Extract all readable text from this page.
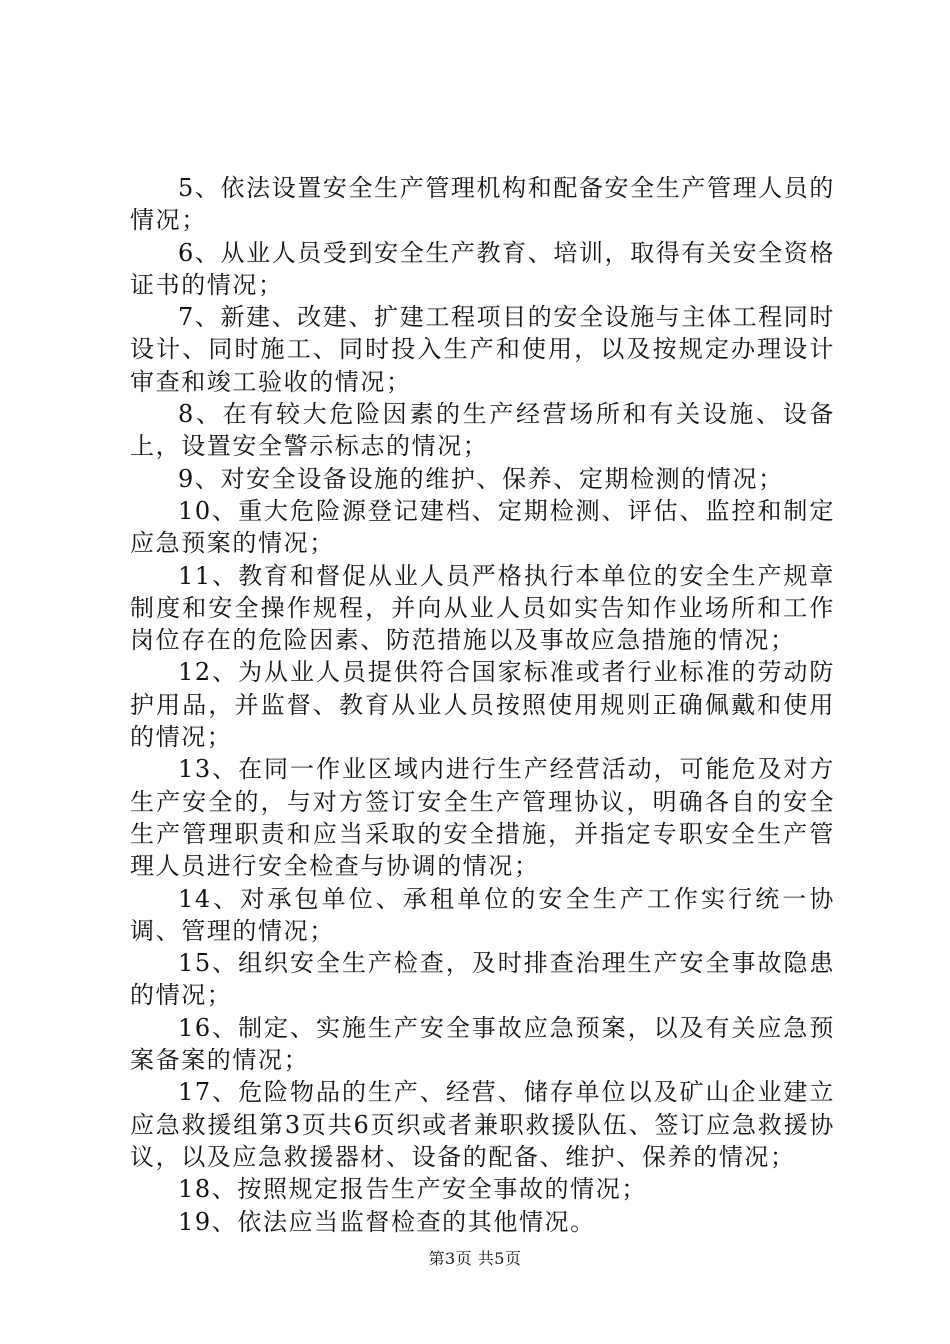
5、依法设置安全生产管理机构和配备安全生产管理人员的情况；

6、从业人员受到安全生产教育、培训，取得有关安全资格证书的情况；

7、新建、改建、扩建工程项目的安全设施与主体工程同时设计、同时施工、同时投入生产和使用，以及按规定办理设计审查和竣工验收的情况；

8、在有较大危险因素的生产经营场所和有关设施、设备上，设置安全警示标志的情况；

9、对安全设备设施的维护、保养、定期检测的情况；

10、重大危险源登记建档、定期检测、评估、监控和制定应急预案的情况；

11、教育和督促从业人员严格执行本单位的安全生产规章制度和安全操作规程，并向从业人员如实告知作业场所和工作岗位存在的危险因素、防范措施以及事故应急措施的情况；

12、为从业人员提供符合国家标准或者行业标准的劳动防护用品，并监督、教育从业人员按照使用规则正确佩戴和使用的情况；

13、在同一作业区域内进行生产经营活动，可能危及对方生产安全的，与对方签订安全生产管理协议，明确各自的安全生产管理职责和应当采取的安全措施，并指定专职安全生产管理人员进行安全检查与协调的情况；

14、对承包单位、承租单位的安全生产工作实行统一协调、管理的情况；

15、组织安全生产检查，及时排查治理生产安全事故隐患的情况；

16、制定、实施生产安全事故应急预案，以及有关应急预案备案的情况；

17、危险物品的生产、经营、储存单位以及矿山企业建立应急救援组第3页共6页织或者兼职救援队伍、签订应急救援协议，以及应急救援器材、设备的配备、维护、保养的情况；

18、按照规定报告生产安全事故的情况；

19、依法应当监督检查的其他情况。

第3页 共5页
